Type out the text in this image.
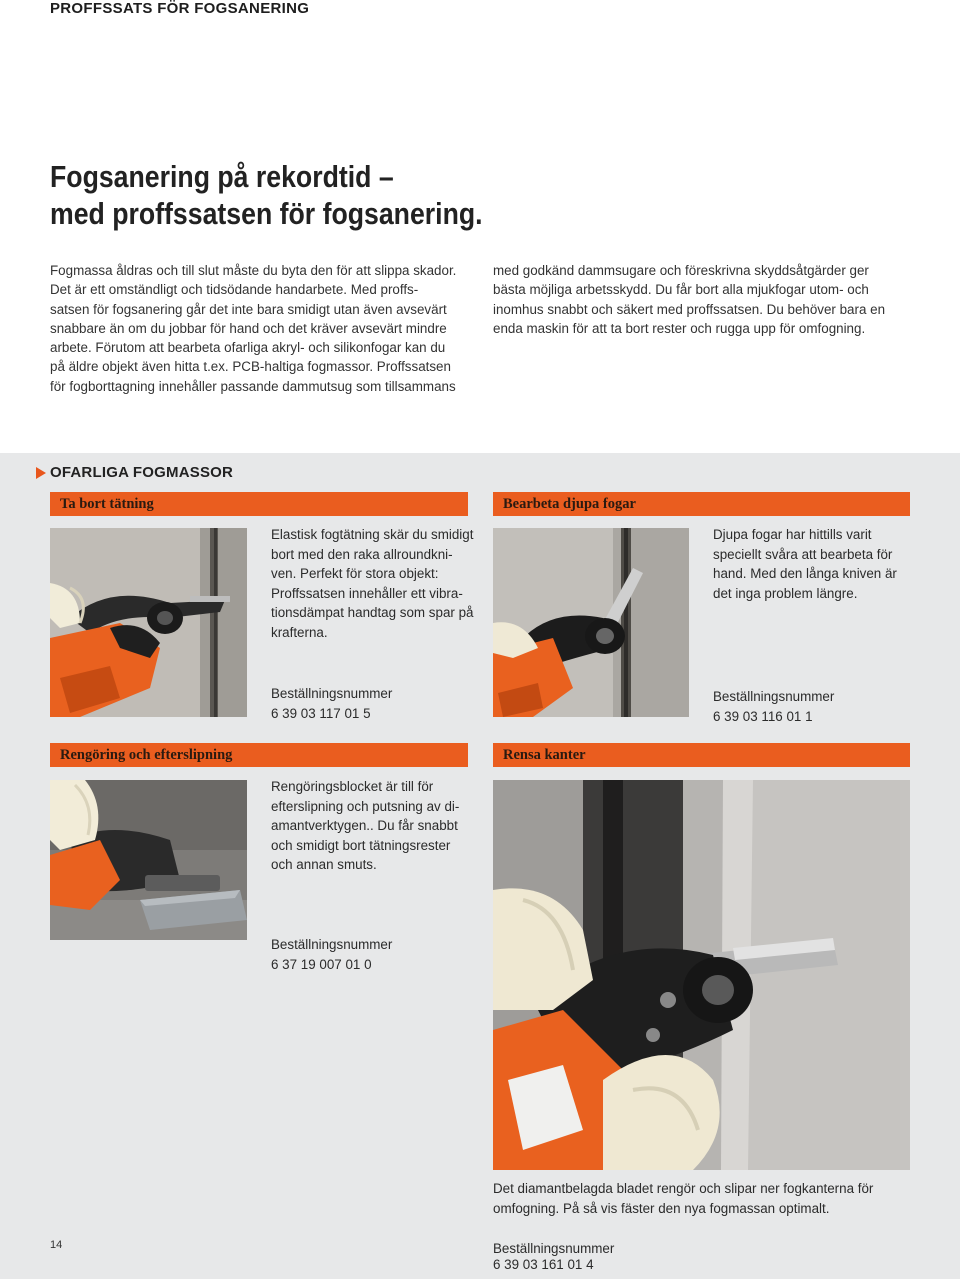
PROFFSSATS FÖR FOGSANERING
Fogsanering på rekordtid –
med proffssatsen för fogsanering.

Fogmassa åldras och till slut måste du byta den för att slippa skador.

Det är ett omständligt och tidsödande handarbete. Med proffs-

satsen för fogsanering går det inte bara smidigt utan även avsevärt

snabbare än om du jobbar för hand och det kräver avsevärt mindre

arbete. Förutom att bearbeta ofarliga akryl- och silikonfogar kan du

på äldre objekt även hitta t.ex. PCB-haltiga fogmassor. Proffssatsen

för fogborttagning innehåller passande dammutsug som tillsammans

med godkänd dammsugare och föreskrivna skyddsåtgärder ger

bästa möjliga arbetsskydd. Du får bort alla mjukfogar utom- och

inomhus snabbt och säkert med proffssatsen. Du behöver bara en

enda maskin för att ta bort rester och rugga upp för omfogning.

OFARLIGA FOGMASSOR
Ta bort tätning

Elastisk fogtätning skär du smidigt

bort med den raka allroundkni-

ven. Perfekt för stora objekt:

Proffssatsen innehåller ett vibra-

tionsdämpat handtag som spar på

krafterna.

Beställningsnummer
6 39 03 117 01 5
Bearbeta djupa fogar

Djupa fogar har hittills varit

speciellt svåra att bearbeta för

hand. Med den långa kniven är

det inga problem längre.

Beställningsnummer
6 39 03 116 01 1
Rengöring och efterslipning

Rengöringsblocket är till för

efterslipning och putsning av di-

amantverktygen.. Du får snabbt

och smidigt bort tätningsrester

och annan smuts.

Beställningsnummer
6 37 19 007 01 0
Rensa kanter

Det diamantbelagda bladet rengör och slipar ner fogkanterna för

omfogning. På så vis fäster den nya fogmassan optimalt.

Beställningsnummer
6 39 03 161 01 4
14
